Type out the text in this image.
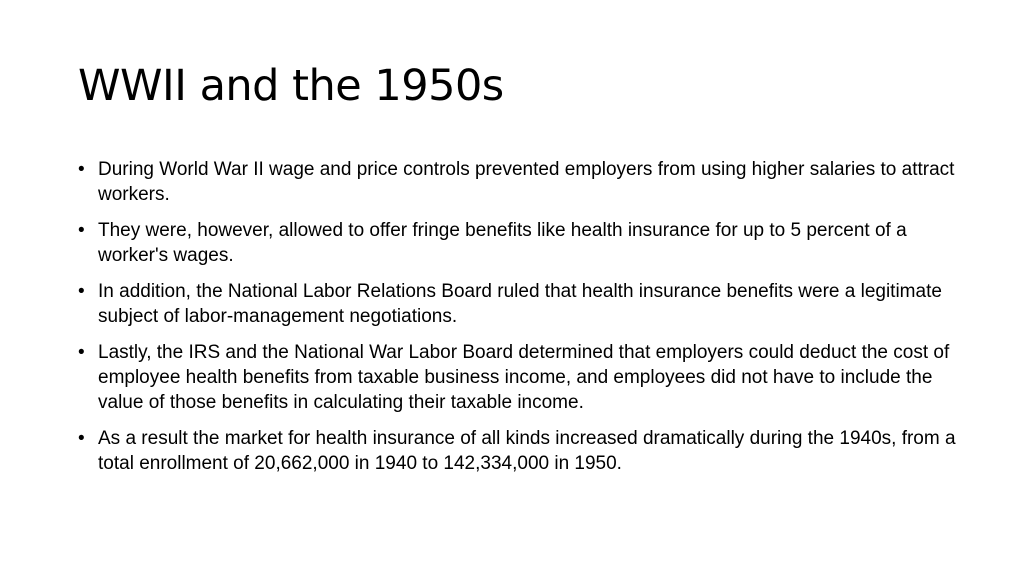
WWII and the 1950s
• During World War II wage and price controls prevented employers from using higher salaries to attract workers.
• They were, however, allowed to offer fringe benefits like health insurance for up to 5 percent of a worker's wages.
• In addition, the National Labor Relations Board ruled that health insurance benefits were a legitimate subject of labor-management negotiations.
• Lastly, the IRS and the National War Labor Board determined that employers could deduct the cost of employee health benefits from taxable business income, and employees did not have to include the value of those benefits in calculating their taxable income.
• As a result the market for health insurance of all kinds increased dramatically during the 1940s, from a total enrollment of 20,662,000 in 1940 to 142,334,000 in 1950.
